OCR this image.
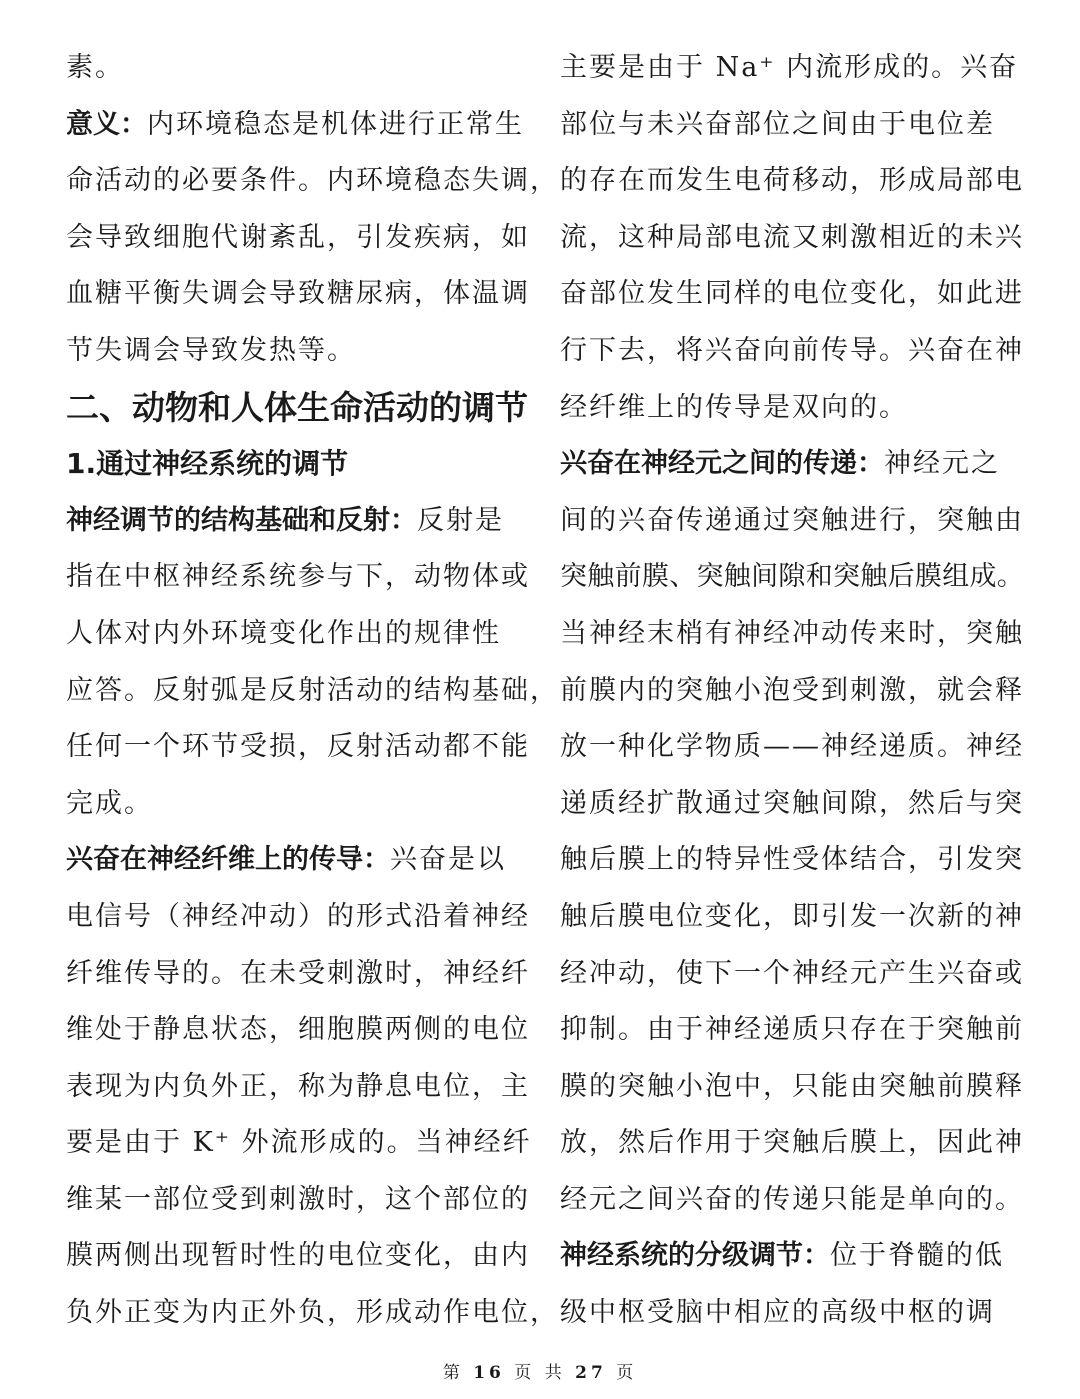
素。
意义：内环境稳态是机体进行正常生
命活动的必要条件。内环境稳态失调，
会导致细胞代谢紊乱，引发疾病，如
血糖平衡失调会导致糖尿病，体温调
节失调会导致发热等。
二、动物和人体生命活动的调节
1.通过神经系统的调节
神经调节的结构基础和反射：反射是
指在中枢神经系统参与下，动物体或
人体对内外环境变化作出的规律性
应答。反射弧是反射活动的结构基础，
任何一个环节受损，反射活动都不能
完成。
兴奋在神经纤维上的传导：兴奋是以
电信号（神经冲动）的形式沿着神经
纤维传导的。在未受刺激时，神经纤
维处于静息状态，细胞膜两侧的电位
表现为内负外正，称为静息电位，主
要是由于 K⁺ 外流形成的。当神经纤
维某一部位受到刺激时，这个部位的
膜两侧出现暂时性的电位变化，由内
负外正变为内正外负，形成动作电位，
主要是由于 Na⁺ 内流形成的。兴奋
部位与未兴奋部位之间由于电位差
的存在而发生电荷移动，形成局部电
流，这种局部电流又刺激相近的未兴
奋部位发生同样的电位变化，如此进
行下去，将兴奋向前传导。兴奋在神
经纤维上的传导是双向的。
兴奋在神经元之间的传递：神经元之
间的兴奋传递通过突触进行，突触由
突触前膜、突触间隙和突触后膜组成。
当神经末梢有神经冲动传来时，突触
前膜内的突触小泡受到刺激，就会释
放一种化学物质——神经递质。神经
递质经扩散通过突触间隙，然后与突
触后膜上的特异性受体结合，引发突
触后膜电位变化，即引发一次新的神
经冲动，使下一个神经元产生兴奋或
抑制。由于神经递质只存在于突触前
膜的突触小泡中，只能由突触前膜释
放，然后作用于突触后膜上，因此神
经元之间兴奋的传递只能是单向的。
神经系统的分级调节：位于脊髓的低
级中枢受脑中相应的高级中枢的调
第 16 页 共 27 页
